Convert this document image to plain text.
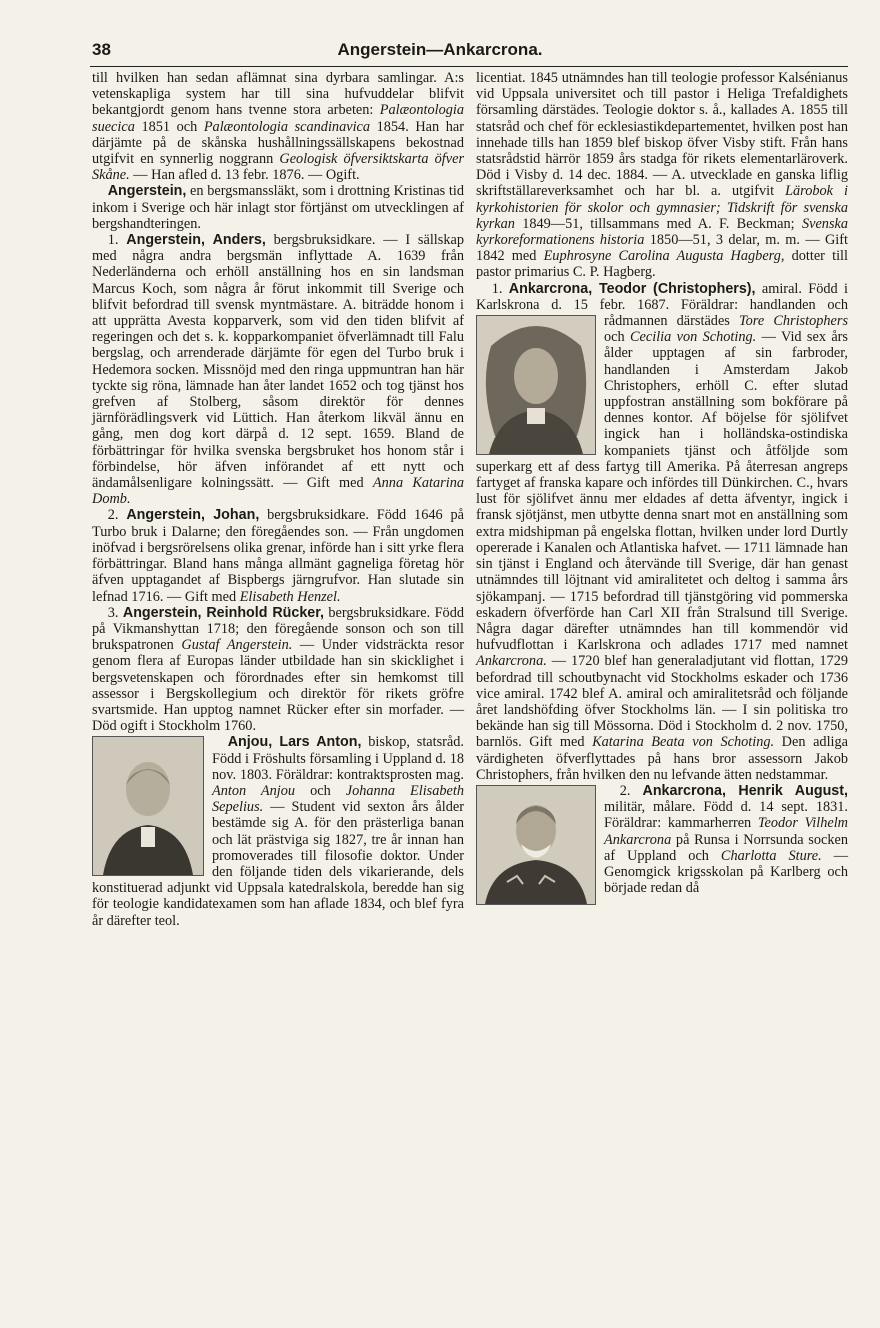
38	Angerstein—Ankarcrona.

till hvilken han sedan aflämnat sina dyrbara samlingar. A:s vetenskapliga system har till sina hufvuddelar blifvit bekantgjordt genom hans tvenne stora arbeten: Palæontologia suecica 1851 och Palæontologia scandinavica 1854. Han har därjämte på de skånska hushållningssällskapens bekostnad utgifvit en synnerlig noggrann Geologisk öfversiktskarta öfver Skåne. — Han afled d. 13 febr. 1876. — Ogift.

Angerstein, en bergsmanssläkt, som i drottning Kristinas tid inkom i Sverige och här inlagt stor förtjänst om utvecklingen af bergshandteringen.

1. Angerstein, Anders, bergsbruksidkare. — I sällskap med några andra bergsmän inflyttade A. 1639 från Nederländerna och erhöll anställning hos en sin landsman Marcus Koch, som några år förut inkommit till Sverige och blifvit befordrad till svensk myntmästare. A. biträdde honom i att upprätta Avesta kopparverk, som vid den tiden blifvit af regeringen och det s. k. kopparkompaniet öfverlämnadt till Falu bergslag, och arrenderade därjämte för egen del Turbo bruk i Hedemora socken. Missnöjd med den ringa uppmuntran han här tyckte sig röna, lämnade han åter landet 1652 och tog tjänst hos grefven af Stolberg, såsom direktör för dennes järnförädlingsverk vid Lüttich. Han återkom likväl ännu en gång, men dog kort därpå d. 12 sept. 1659. Bland de förbättringar för hvilka svenska bergsbruket hos honom står i förbindelse, hör äfven införandet af ett nytt och ändamålsenligare kolningssätt. — Gift med Anna Katarina Domb.

2. Angerstein, Johan, bergsbruksidkare. Född 1646 på Turbo bruk i Dalarne; den föregåendes son. — Från ungdomen inöfvad i bergsrörelsens olika grenar, införde han i sitt yrke flera förbättringar. Bland hans många allmänt gagneliga företag hör äfven upptagandet af Bispbergs järngrufvor. Han slutade sin lefnad 1716. — Gift med Elisabeth Henzel.

3. Angerstein, Reinhold Rücker, bergsbruksidkare. Född på Vikmanshyttan 1718; den föregående sonson och son till brukspatronen Gustaf Angerstein. — Under vidsträckta resor genom flera af Europas länder utbildade han sin skicklighet i bergsvetenskapen och förordnades efter sin hemkomst till assessor i Bergskollegium och direktör för rikets gröfre svartsmide. Han upptog namnet Rücker efter sin morfader. — Död ogift i Stockholm 1760.

Anjou, Lars Anton,
biskop, statsråd. Född i Fröshults församling i Uppland d. 18 nov. 1803. Föräldrar: kontraktsprosten mag. Anton Anjou och Johanna Elisabeth Sepelius. — Student vid sexton års ålder bestämde sig A. för den prästerliga banan och lät prästviga sig 1827, tre år innan han promoverades till filosofie doktor. Under den följande tiden dels vikarierande, dels konstituerad adjunkt vid Uppsala katedralskola, beredde han sig för teologie kandidatexamen som han aflade 1834, och blef fyra år därefter teol.

licentiat. 1845 utnämndes han till teologie professor Kalsénianus vid Uppsala universitet och till pastor i Heliga Trefaldighets församling därstädes. Teologie doktor s. å., kallades A. 1855 till statsråd och chef för ecklesiastikdepartementet, hvilken post han innehade tills han 1859 blef biskop öfver Visby stift. Från hans statsrådstid härrör 1859 års stadga för rikets elementarläroverk. Död i Visby d. 14 dec. 1884. — A. utvecklade en ganska liflig skriftställareverksamhet och har bl. a. utgifvit Lärobok i kyrkohistorien för skolor och gymnasier; Tidskrift för svenska kyrkan 1849—51, tillsammans med A. F. Beckman; Svenska kyrkoreformationens historia 1850—51, 3 delar, m. m. — Gift 1842 med Euphrosyne Carolina Augusta Hagberg, dotter till pastor primarius C. P. Hagberg.

1. Ankarcrona, Teodor (Christophers), amiral. Född i Karlskrona d. 15 febr. 1687. Föräldrar: handlanden och rådmannen därstädes
Tore Christophers och Cecilia von Schoting. — Vid sex års ålder upptagen af sin farbroder, handlanden i Amsterdam Jakob Christophers, erhöll C. efter slutad uppfostran anställning som bokförare på dennes kontor. Af böjelse för sjölifvet ingick han i holländska-ostindiska kompaniets tjänst och åtföljde som superkarg ett af dess fartyg till Amerika. På återresan angreps fartyget af franska kapare och infördes till Dünkirchen. C., hvars lust för sjölifvet ännu mer eldades af detta äfventyr, ingick i fransk sjötjänst, men utbytte denna snart mot en anställning som extra midshipman på engelska flottan, hvilken under lord Durtly opererade i Kanalen och Atlantiska hafvet. — 1711 lämnade han sin tjänst i England och återvände till Sverige, där han genast utnämndes till löjtnant vid amiralitetet och deltog i samma års sjökampanj. — 1715 befordrad till tjänstgöring vid pommerska eskadern öfverförde han Carl XII från Stralsund till Sverige. Några dagar därefter utnämndes han till kommendör vid hufvudflottan i Karlskrona och adlades 1717 med namnet Ankarcrona. — 1720 blef han generaladjutant vid flottan, 1729 befordrad till schoutbynacht vid Stockholms eskader och 1736 vice amiral. 1742 blef A. amiral och amiralitetsråd och följande året landshöfding öfver Stockholms län. — I sin politiska tro bekände han sig till Mössorna. Död i Stockholm d. 2 nov. 1750, barnlös. Gift med Katarina Beata von Schoting. Den adliga värdigheten öfverflyttades på hans bror assessorn Jakob Christophers, från hvilken den nu lefvande ätten nedstammar.

2. Ankarcrona, Henrik August, militär, målare. Född d. 14 sept. 1831. Föräldrar: kammarherren Teodor Vilhelm Ankarcrona på Runsa i Norrsunda socken af Uppland och Charlotta Sture. — Genomgick krigsskolan på Karlberg och började redan då
